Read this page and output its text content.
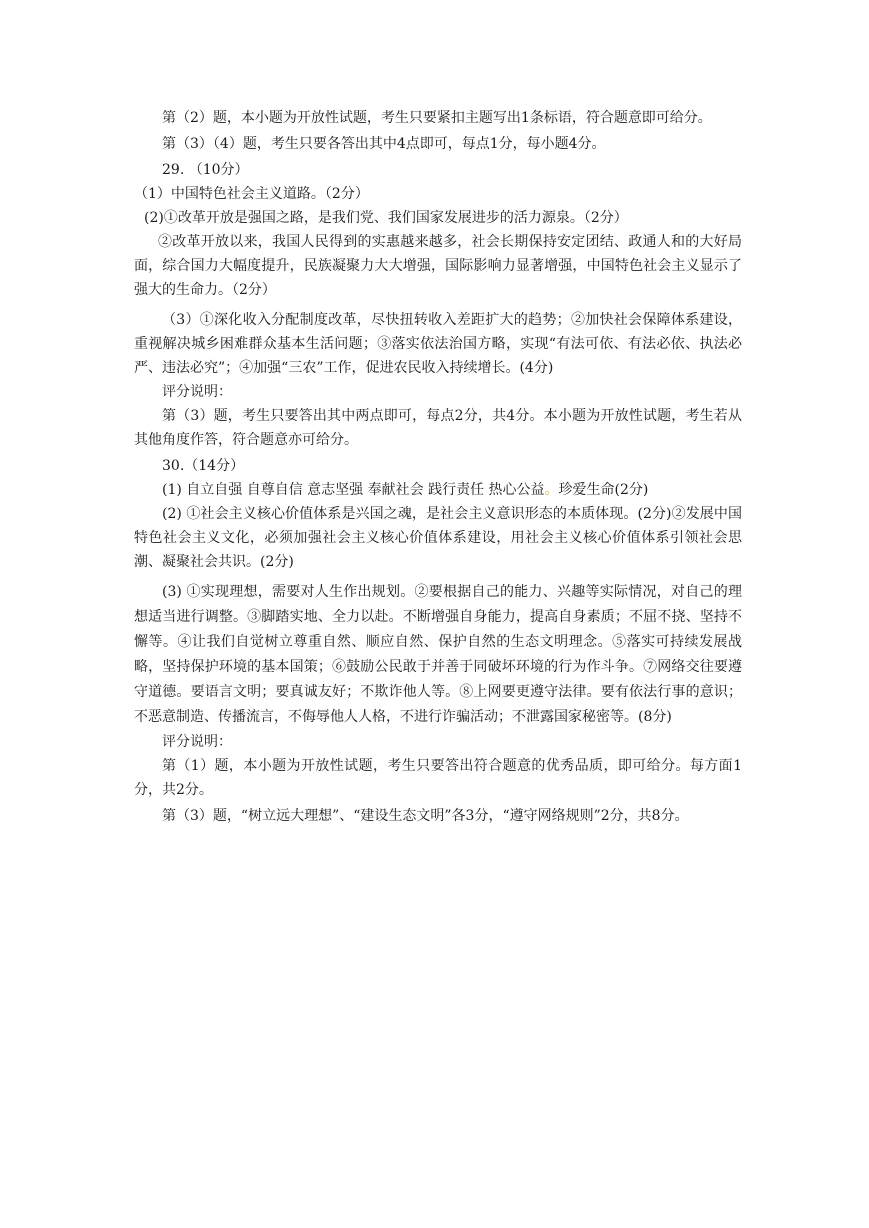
第（2）题，本小题为开放性试题，考生只要紧扣主题写出1条标语，符合题意即可给分。

第（3）（4）题，考生只要各答出其中4点即可，每点1分，每小题4分。

29. （10分）

（1）中国特色社会主义道路。（2分）

(2)①改革开放是强国之路，是我们党、我们国家发展进步的活力源泉。（2分）

②改革开放以来，我国人民得到的实惠越来越多，社会长期保持安定团结、政通人和的大好局面，综合国力大幅度提升，民族凝聚力大大增强，国际影响力显著增强，中国特色社会主义显示了强大的生命力。（2分）

（3）①深化收入分配制度改革，尽快扭转收入差距扩大的趋势；②加快社会保障体系建设，重视解决城乡困难群众基本生活问题；③落实依法治国方略，实现“有法可依、有法必依、执法必严、违法必究”；④加强“三农”工作，促进农民收入持续增长。(4分)

评分说明：

第（3）题，考生只要答出其中两点即可，每点2分，共4分。本小题为开放性试题，考生若从其他角度作答，符合题意亦可给分。

30.（14分）

(1) 自立自强 自尊自信 意志坚强 奉献社会 践行责任 热心公益。珍爱生命(2分)

(2) ①社会主义核心价值体系是兴国之魂，是社会主义意识形态的本质体现。(2分)②发展中国特色社会主义文化，必须加强社会主义核心价值体系建设，用社会主义核心价值体系引领社会思潮、凝聚社会共识。(2分)

(3) ①实现理想，需要对人生作出规划。②要根据自己的能力、兴趣等实际情况，对自己的理想适当进行调整。③脚踏实地、全力以赴。不断增强自身能力，提高自身素质；不屈不挠、坚持不懈等。④让我们自觉树立尊重自然、顺应自然、保护自然的生态文明理念。⑤落实可持续发展战略，坚持保护环境的基本国策；⑥鼓励公民敢于并善于同破坏环境的行为作斗争。⑦网络交往要遵守道德。要语言文明；要真诚友好；不欺诈他人等。⑧上网要更遵守法律。要有依法行事的意识；不恶意制造、传播流言，不侮辱他人人格，不进行诈骗活动；不泄露国家秘密等。(8分)

评分说明：

第（1）题，本小题为开放性试题，考生只要答出符合题意的优秀品质，即可给分。每方面1分，共2分。

第（3）题，“树立远大理想”、“建设生态文明”各3分，“遵守网络规则”2分，共8分。
